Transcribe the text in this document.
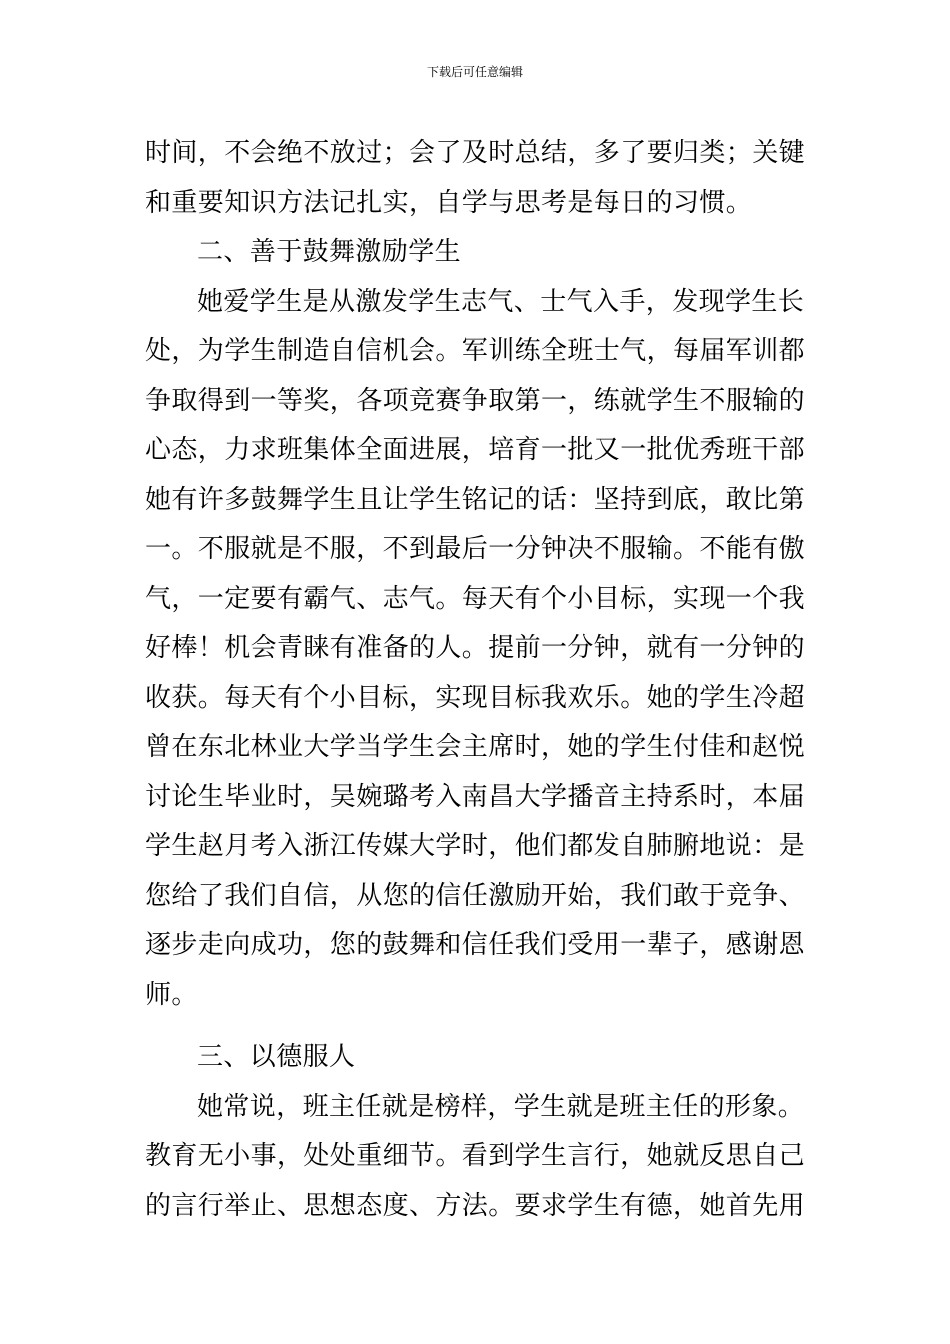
下载后可任意编辑
时间，不会绝不放过；会了及时总结，多了要归类；关键
和重要知识方法记扎实，自学与思考是每日的习惯。
二、善于鼓舞激励学生
她爱学生是从激发学生志气、士气入手，发现学生长
处，为学生制造自信机会。军训练全班士气，每届军训都
争取得到一等奖，各项竞赛争取第一，练就学生不服输的
心态，力求班集体全面进展，培育一批又一批优秀班干部
她有许多鼓舞学生且让学生铭记的话：坚持到底，敢比第
一。不服就是不服，不到最后一分钟决不服输。不能有傲
气，一定要有霸气、志气。每天有个小目标，实现一个我
好棒！机会青睐有准备的人。提前一分钟，就有一分钟的
收获。每天有个小目标，实现目标我欢乐。她的学生冷超
曾在东北林业大学当学生会主席时，她的学生付佳和赵悦
讨论生毕业时，吴婉璐考入南昌大学播音主持系时，本届
学生赵月考入浙江传媒大学时，他们都发自肺腑地说：是
您给了我们自信，从您的信任激励开始，我们敢于竞争、
逐步走向成功，您的鼓舞和信任我们受用一辈子，感谢恩
师。
三、以德服人
她常说，班主任就是榜样，学生就是班主任的形象。
教育无小事，处处重细节。看到学生言行，她就反思自己
的言行举止、思想态度、方法。要求学生有德，她首先用
